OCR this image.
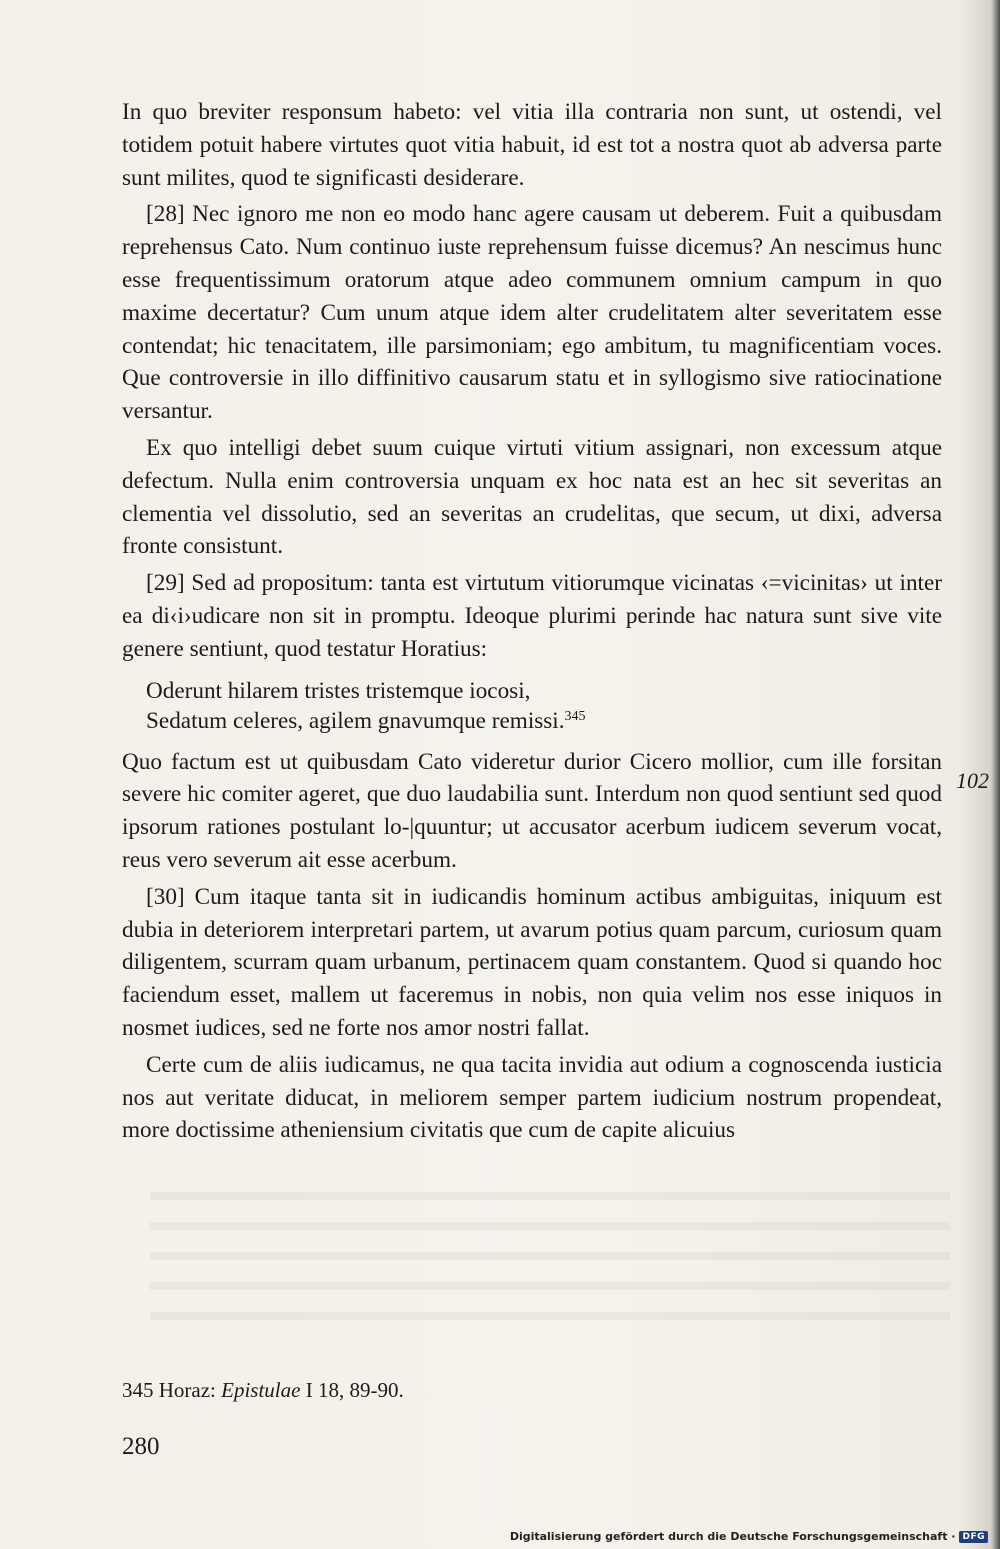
In quo breviter responsum habeto: vel vitia illa contraria non sunt, ut ostendi, vel totidem potuit habere virtutes quot vitia habuit, id est tot a nostra quot ab adversa parte sunt milites, quod te significasti desiderare.

[28] Nec ignoro me non eo modo hanc agere causam ut deberem. Fuit a quibusdam reprehensus Cato. Num continuo iuste reprehensum fuisse dicemus? An nescimus hunc esse frequentissimum oratorum atque adeo communem omnium campum in quo maxime decertatur? Cum unum atque idem alter crudelitatem alter severitatem esse contendat; hic tenacitatem, ille parsimoniam; ego ambitum, tu magnificentiam voces. Que controversie in illo diffinitivo causarum statu et in syllogismo sive ratiocinatione versantur.

Ex quo intelligi debet suum cuique virtuti vitium assignari, non excessum atque defectum. Nulla enim controversia unquam ex hoc nata est an hec sit severitas an clementia vel dissolutio, sed an severitas an crudelitas, que secum, ut dixi, adversa fronte consistunt.

[29] Sed ad propositum: tanta est virtutum vitiorumque vicinatas ‹=vicinitas› ut inter ea di‹i›udicare non sit in promptu. Ideoque plurimi perinde hac natura sunt sive vite genere sentiunt, quod testatur Horatius:

Oderunt hilarem tristes tristemque iocosi,
Sedatum celeres, agilem gnavumque remissi.$^{345}$

Quo factum est ut quibusdam Cato videretur durior Cicero mollior, cum ille forsitan severe hic comiter ageret, que duo laudabilia sunt. Interdum non quod sentiunt sed quod ipsorum rationes postulant lo-|quuntur; ut accusator acerbum iudicem severum vocat, reus vero severum ait esse acerbum.

[30] Cum itaque tanta sit in iudicandis hominum actibus ambiguitas, iniquum est dubia in deteriorem interpretari partem, ut avarum potius quam parcum, curiosum quam diligentem, scurram quam urbanum, pertinacem quam constantem. Quod si quando hoc faciendum esset, mallem ut faceremus in nobis, non quia velim nos esse iniquos in nosmet iudices, sed ne forte nos amor nostri fallat.

Certe cum de aliis iudicamus, ne qua tacita invidia aut odium a cognoscenda iusticia nos aut veritate diducat, in meliorem semper partem iudicium nostrum propendeat, more doctissime atheniensium civitatis que cum de capite alicuius

102
345 Horaz: Epistulae I 18, 89-90.
280
Digitalisierung gefördert durch die Deutsche Forschungsgemeinschaft · DFG
